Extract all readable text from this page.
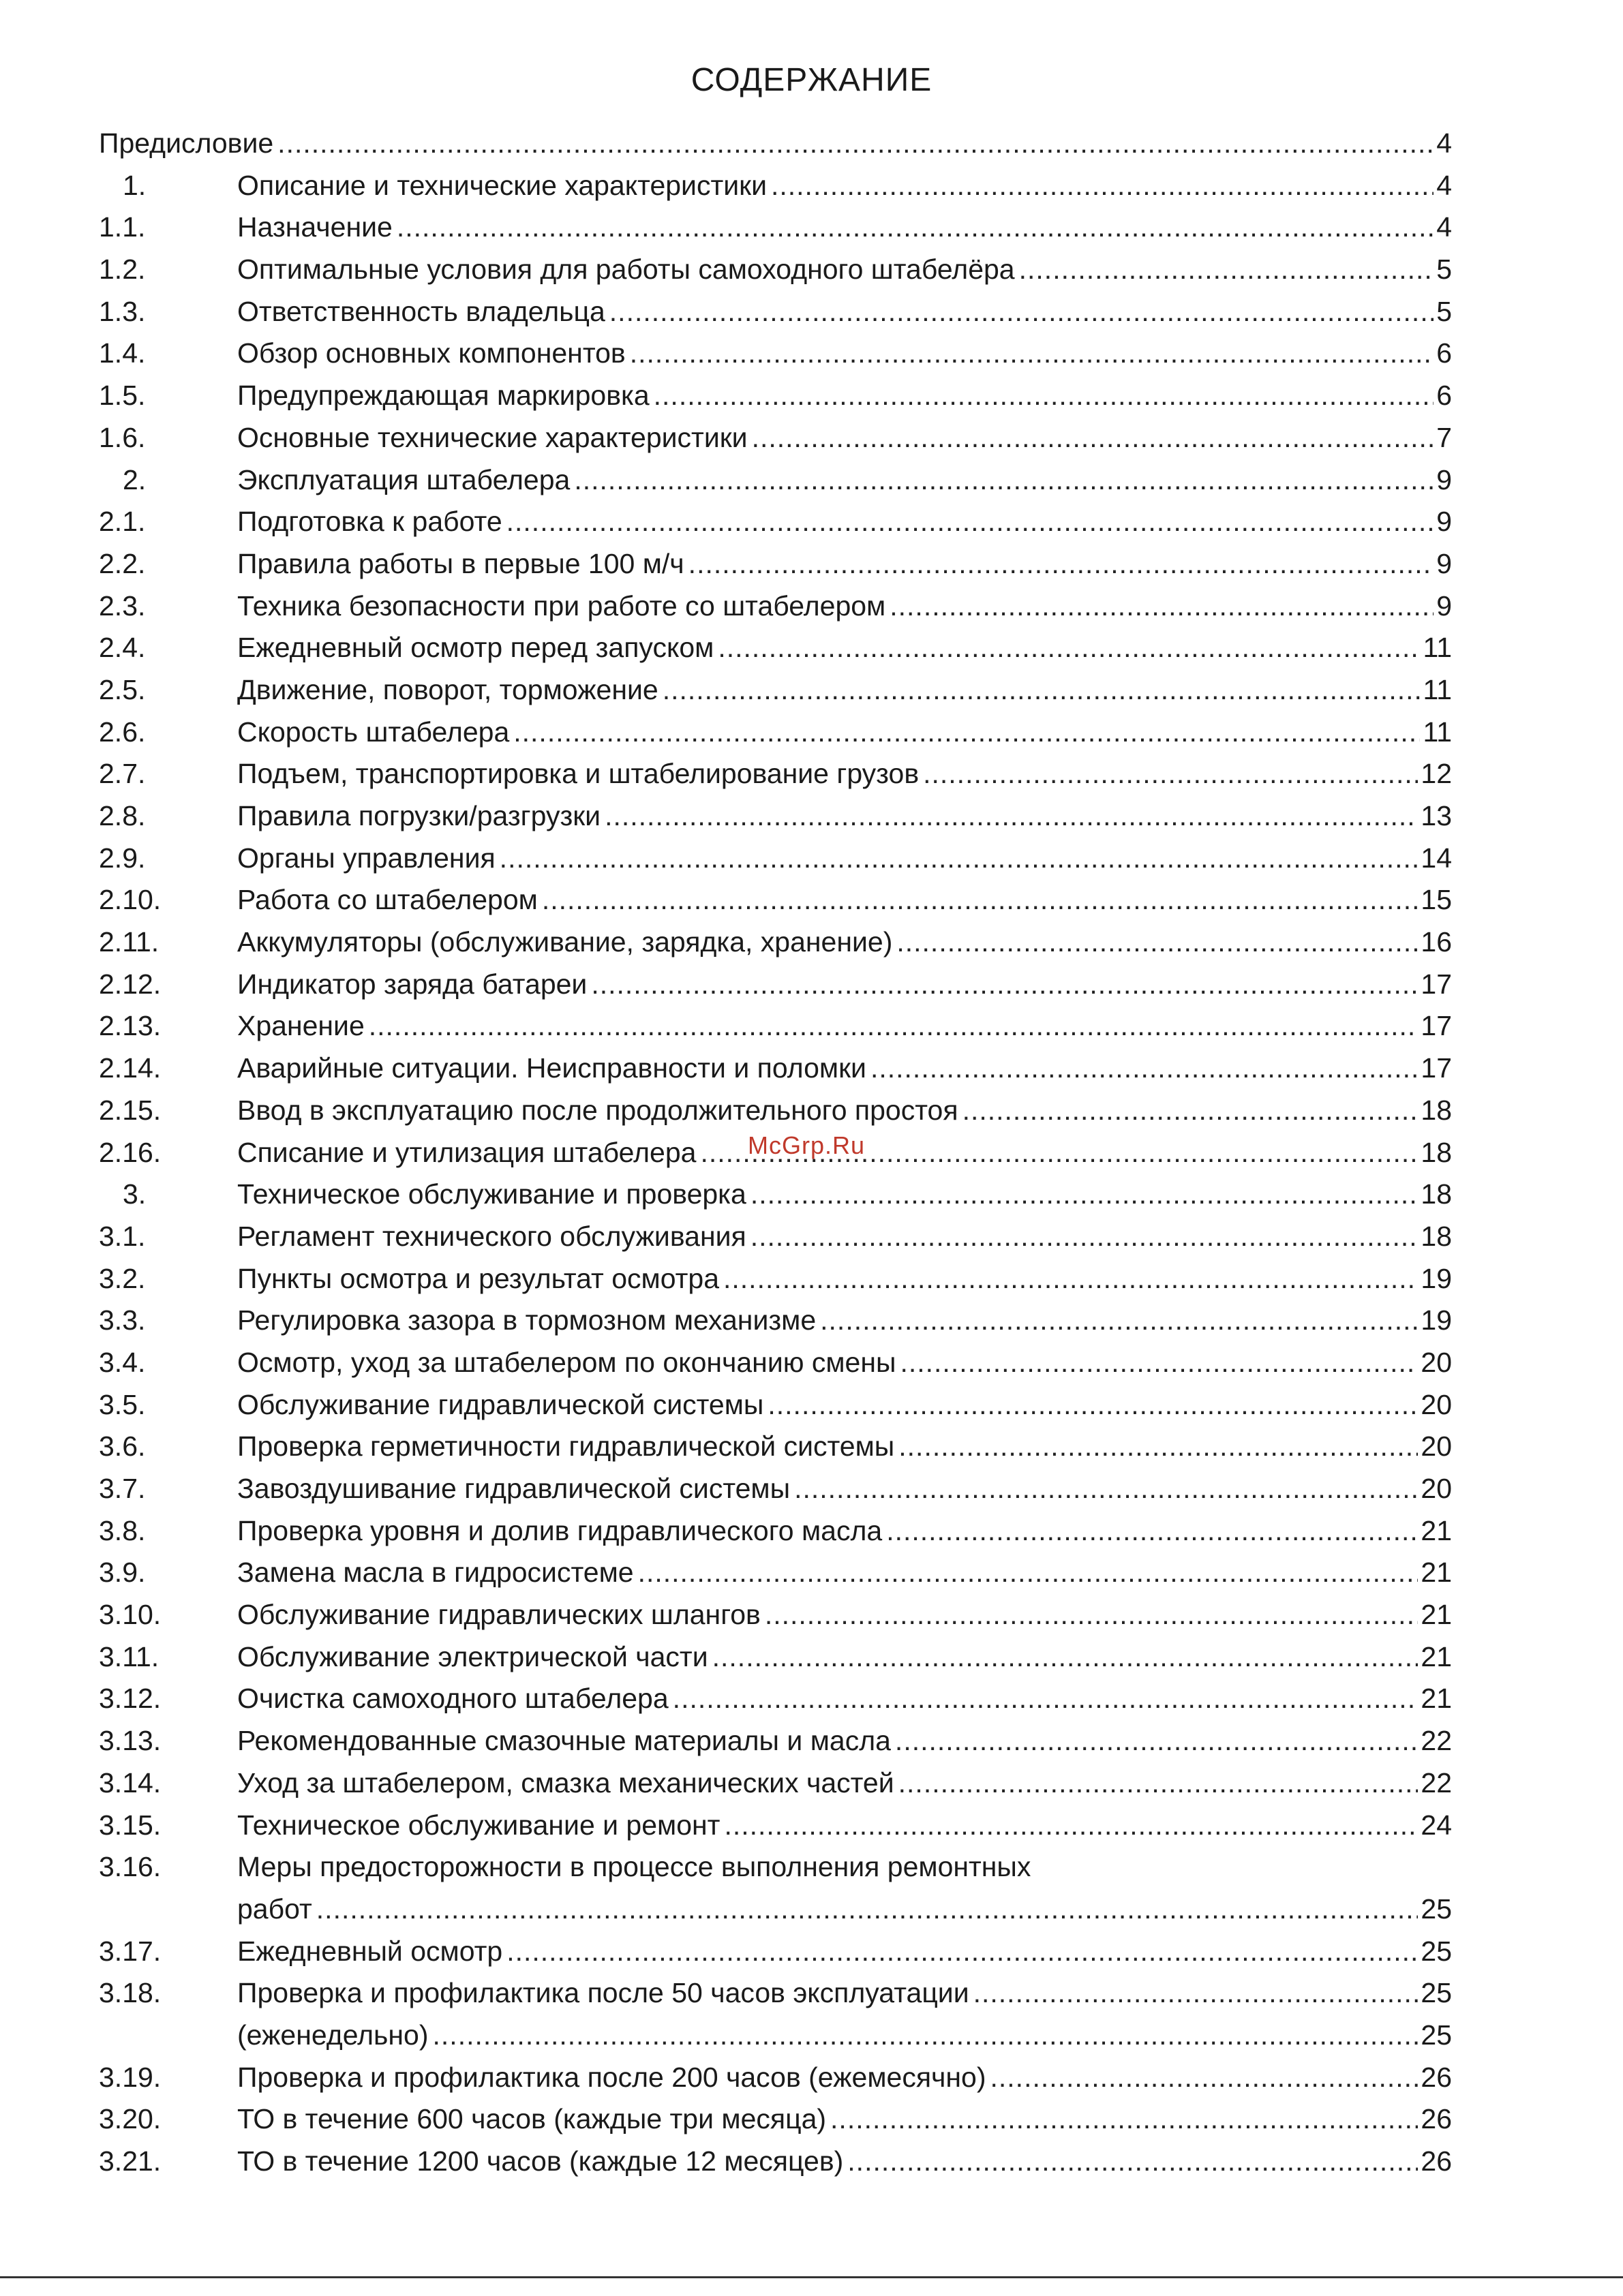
СОДЕРЖАНИЕ
Предисловие .....	4
1.	Описание и технические характеристики .....	4
1.1.	Назначение .....	4
1.2.	Оптимальные условия для работы самоходного штабелёра .....	5
1.3.	Ответственность владельца .....	5
1.4.	Обзор основных компонентов .....	6
1.5.	Предупреждающая маркировка .....	6
1.6.	Основные технические характеристики .....	7
2.	Эксплуатация штабелера .....	9
2.1.	Подготовка к работе .....	9
2.2.	Правила работы в первые 100 м/ч .....	9
2.3.	Техника безопасности при работе со штабелером .....	9
2.4.	Ежедневный осмотр перед запуском .....	11
2.5.	Движение, поворот, торможение .....	11
2.6.	Скорость штабелера .....	11
2.7.	Подъем, транспортировка и штабелирование грузов .....	12
2.8.	Правила погрузки/разгрузки .....	13
2.9.	Органы управления .....	14
2.10.	Работа со штабелером .....	15
2.11.	Аккумуляторы (обслуживание, зарядка, хранение) .....	16
2.12.	Индикатор заряда батареи .....	17
2.13.	Хранение .....	17
2.14.	Аварийные ситуации. Неисправности и поломки .....	17
2.15.	Ввод в эксплуатацию после продолжительного простоя .....	18
2.16.	Списание и утилизация штабелера .....	18
3.	Техническое обслуживание и проверка .....	18
3.1.	Регламент технического обслуживания .....	18
3.2.	Пункты осмотра и результат осмотра .....	19
3.3.	Регулировка зазора в тормозном механизме .....	19
3.4.	Осмотр, уход за штабелером по окончанию смены .....	20
3.5.	Обслуживание гидравлической системы .....	20
3.6.	Проверка герметичности гидравлической системы .....	20
3.7.	Завоздушивание гидравлической системы .....	20
3.8.	Проверка уровня и долив гидравлического масла .....	21
3.9.	Замена масла в гидросистеме .....	21
3.10.	Обслуживание гидравлических шлангов .....	21
3.11.	Обслуживание электрической части .....	21
3.12.	Очистка самоходного штабелера .....	21
3.13.	Рекомендованные смазочные материалы и масла .....	22
3.14.	Уход за штабелером, смазка механических частей .....	22
3.15.	Техническое обслуживание и ремонт .....	24
3.16.	Меры предосторожности в процессе выполнения ремонтных
работ .....	25
3.17.	Ежедневный осмотр .....	25
3.18.	Проверка и профилактика после 50 часов эксплуатации .....	25
(еженедельно) .....	25
3.19.	Проверка и профилактика после 200 часов (ежемесячно) .....	26
3.20.	ТО в течение 600 часов (каждые три месяца) .....	26
3.21.	ТО в течение 1200 часов (каждые 12 месяцев) .....	26
McGrp.Ru
